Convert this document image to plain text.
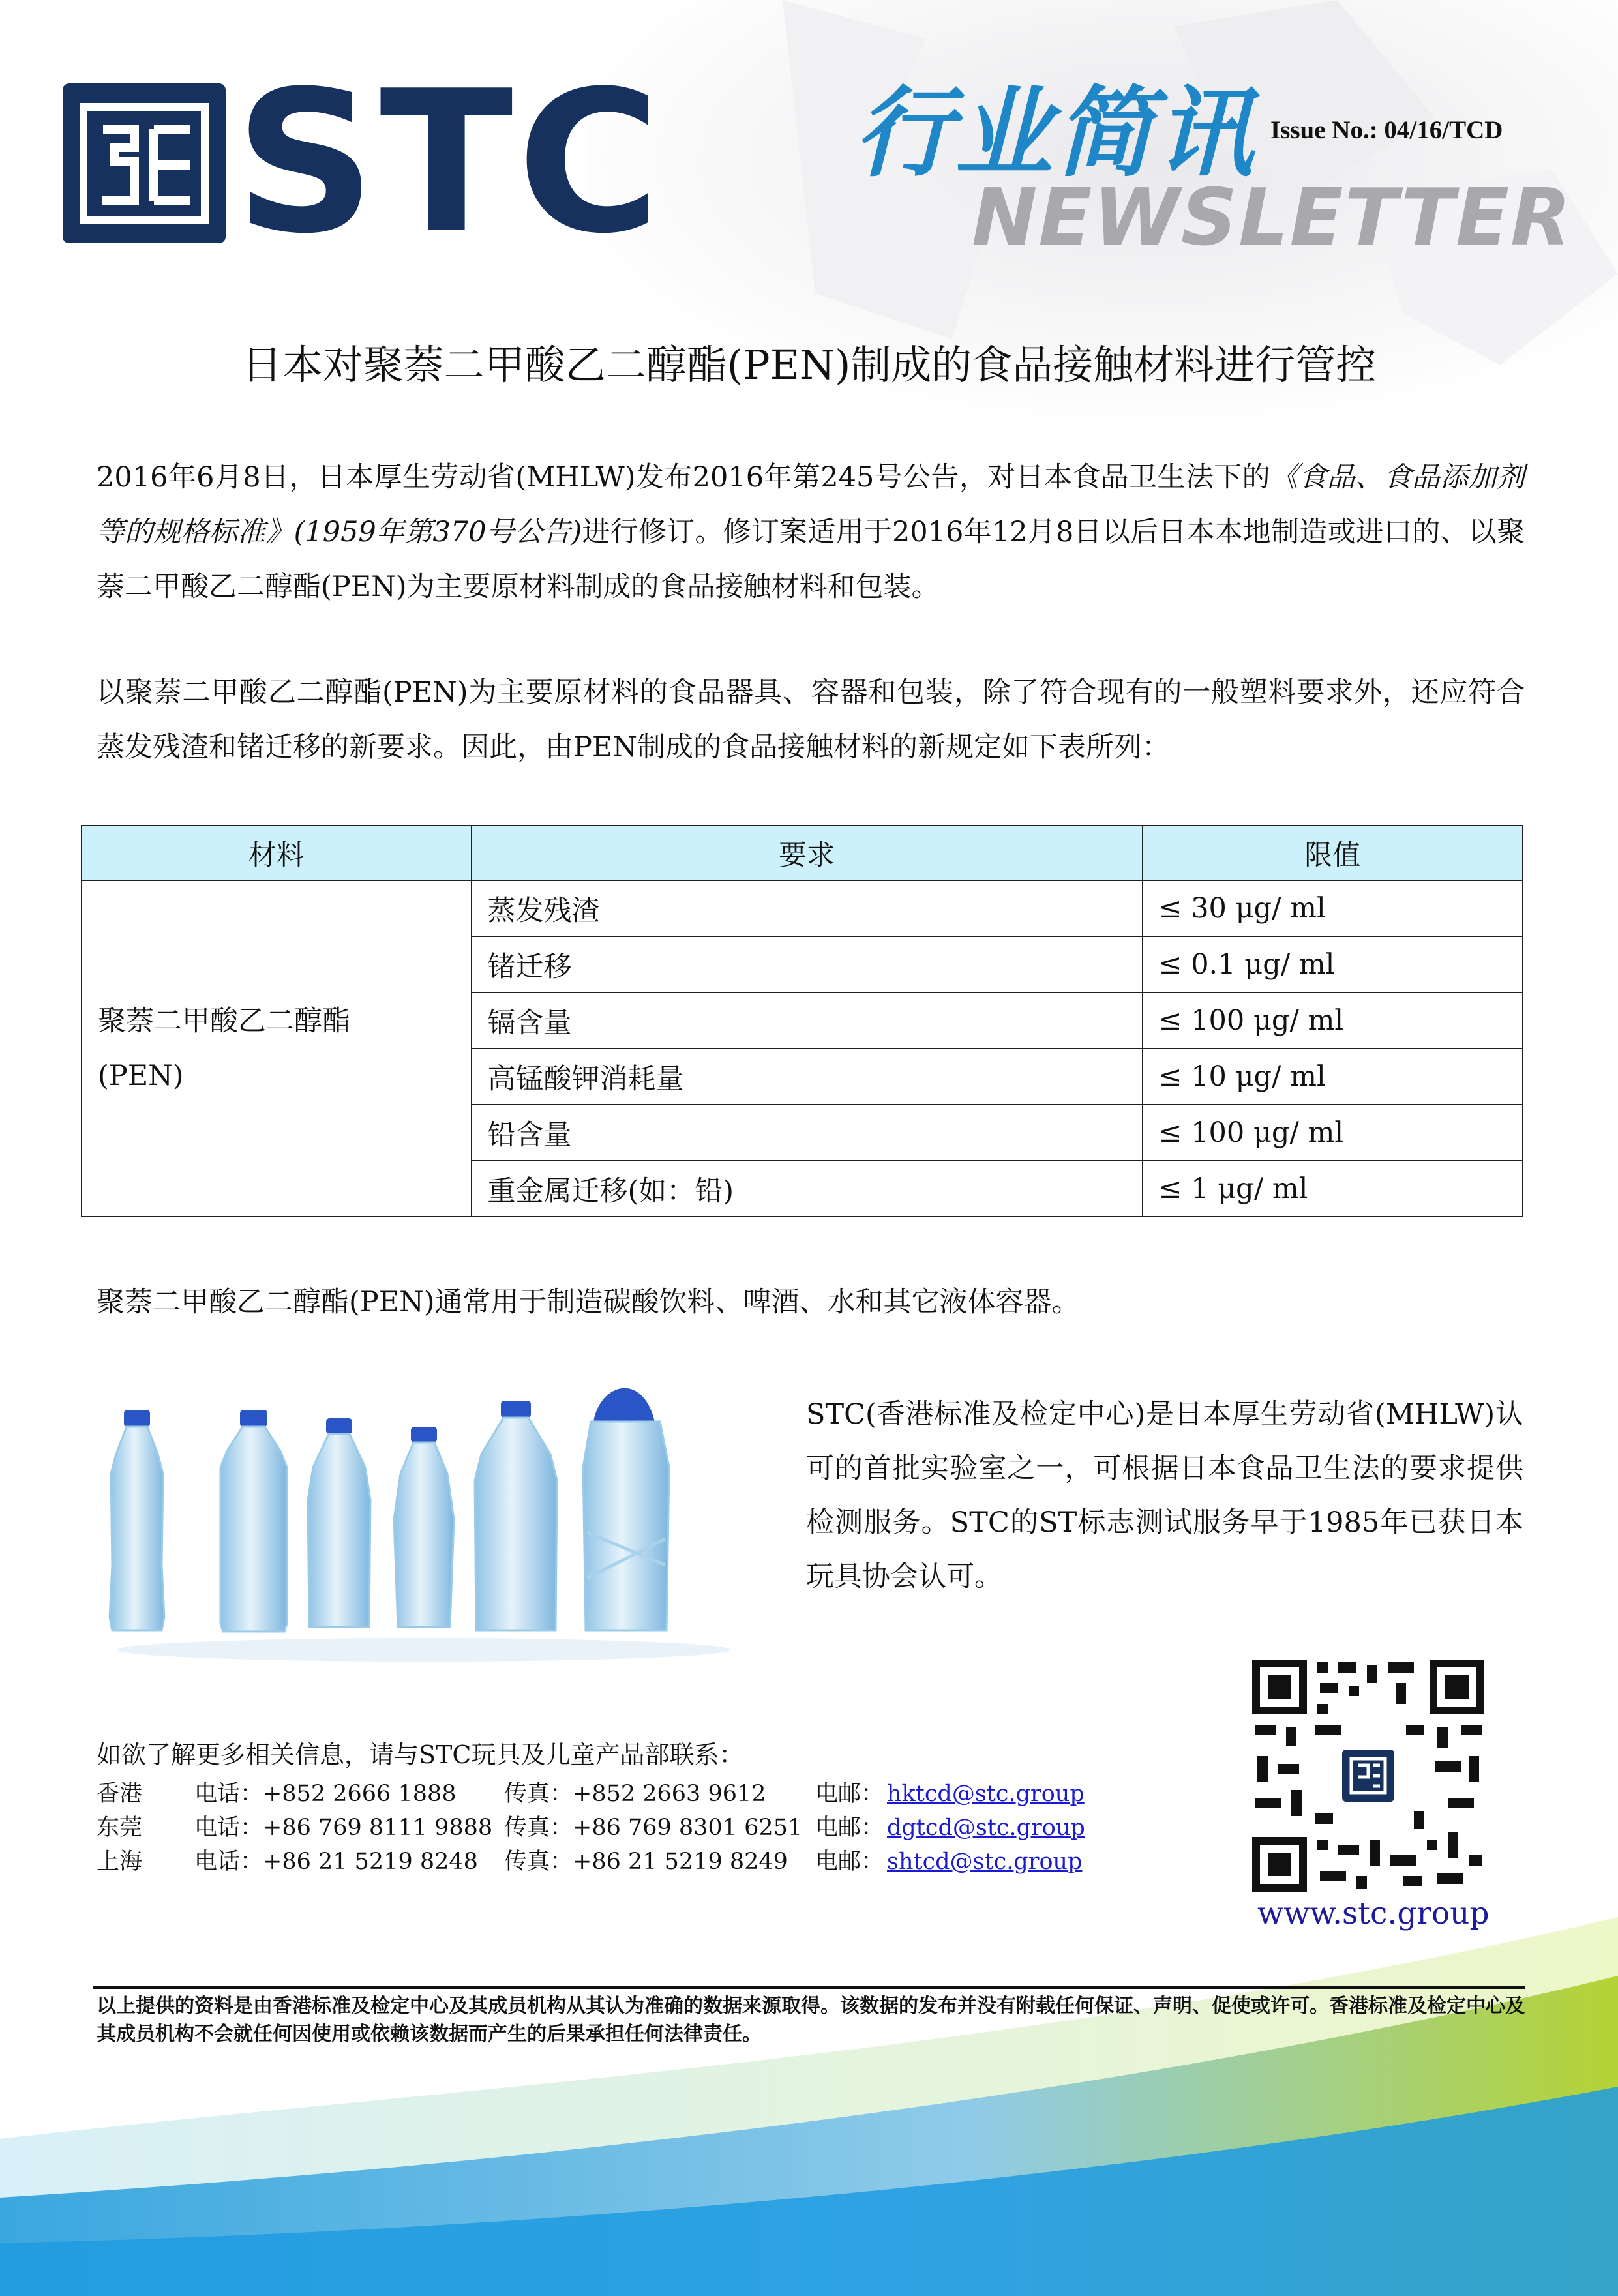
STC 行业简讯
NEWSLETTER
Issue No.: 04/16/TCD
日本对聚萘二甲酸乙二醇酯(PEN)制成的食品接触材料进行管控
2016年6月8日，日本厚生劳动省(MHLW)发布2016年第245号公告，对日本食品卫生法下的《食品、食品添加剂等的规格标准》(1959年第370号公告)进行修订。修订案适用于2016年12月8日以后日本本地制造或进口的、以聚萘二甲酸乙二醇酯(PEN)为主要原材料制成的食品接触材料和包装。
以聚萘二甲酸乙二醇酯(PEN)为主要原材料的食品器具、容器和包装，除了符合现有的一般塑料要求外，还应符合蒸发残渣和锗迁移的新要求。因此，由PEN制成的食品接触材料的新规定如下表所列：
材料	要求	限值

聚萘二甲酸乙二醇酯
(PEN)	蒸发残渣	≤ 30 μg/ ml
	锗迁移	≤ 0.1 μg/ ml
	镉含量	≤ 100 μg/ ml
	高锰酸钾消耗量	≤ 10 μg/ ml
	铅含量	≤ 100 μg/ ml
	重金属迁移(如：铅)	≤ 1 μg/ ml
聚萘二甲酸乙二醇酯(PEN)通常用于制造碳酸饮料、啤酒、水和其它液体容器。
STC(香港标准及检定中心)是日本厚生劳动省(MHLW)认可的首批实验室之一，可根据日本食品卫生法的要求提供检测服务。STC的ST标志测试服务早于1985年已获日本玩具协会认可。
如欲了解更多相关信息，请与STC玩具及儿童产品部联系：
香港 电话：+852 2666 1888 传真：+852 2663 9612 电邮： hktcd@stc.group
东莞 电话：+86 769 8111 9888 传真：+86 769 8301 6251 电邮： dgtcd@stc.group
上海 电话：+86 21 5219 8248 传真：+86 21 5219 8249 电邮： shtcd@stc.group
www.stc.group
以上提供的资料是由香港标准及检定中心及其成员机构从其认为准确的数据来源取得。该数据的发布并没有附载任何保证、声明、促使或许可。香港标准及检定中心及其成员机构不会就任何因使用或依赖该数据而产生的后果承担任何法律责任。
